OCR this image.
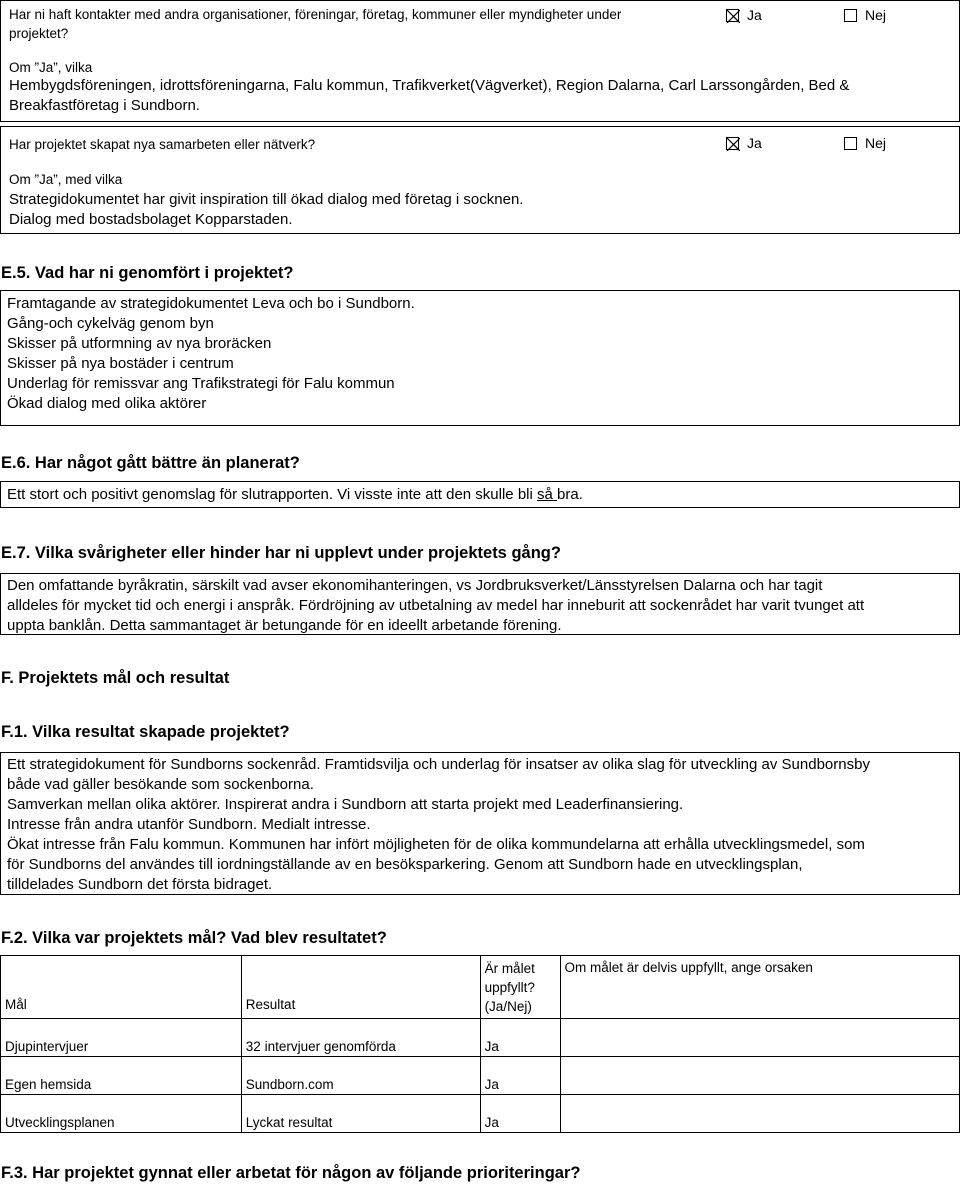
Har ni haft kontakter med andra organisationer, föreningar, företag, kommuner eller myndigheter under
projektet?
Ja	Nej
Om ”Ja”, vilka
Hembygdsföreningen, idrottsföreningarna, Falu kommun, Trafikverket(Vägverket), Region Dalarna, Carl Larssongården, Bed &
Breakfastföretag i Sundborn.
Har projektet skapat nya samarbeten eller nätverk?	Ja	Nej
Om ”Ja”, med vilka
Strategidokumentet har givit inspiration till ökad dialog med företag i socknen.
Dialog med bostadsbolaget Kopparstaden.
E.5. Vad har ni genomfört i projektet?
Framtagande av strategidokumentet Leva och bo i Sundborn.
Gång-och cykelväg genom byn
Skisser på utformning av nya broräcken
Skisser på nya bostäder i centrum
Underlag för remissvar ang Trafikstrategi för Falu kommun
Ökad dialog med olika aktörer
E.6. Har något gått bättre än planerat?
Ett stort och positivt genomslag för slutrapporten. Vi visste inte att den skulle bli så bra.
E.7. Vilka svårigheter eller hinder har ni upplevt under projektets gång?
Den omfattande byråkratin, särskilt vad avser ekonomihanteringen, vs Jordbruksverket/Länsstyrelsen Dalarna och har tagit
alldeles för mycket tid och energi i anspråk. Fördröjning av utbetalning av medel har inneburit att sockenrådet har varit tvunget att
uppta banklån. Detta sammantaget är betungande för en ideellt arbetande förening.
F. Projektets mål och resultat
F.1. Vilka resultat skapade projektet?
Ett strategidokument för Sundborns sockenråd. Framtidsvilja och underlag för insatser av olika slag för utveckling av Sundbornsby
både vad gäller besökande som sockenborna.
Samverkan mellan olika aktörer. Inspirerat andra i Sundborn att starta projekt med Leaderfinansiering.
Intresse från andra utanför Sundborn. Medialt intresse.
Ökat intresse från Falu kommun. Kommunen har infört möjligheten för de olika kommundelarna att erhålla utvecklingsmedel, som
för Sundborns del användes till iordningställande av en besöksparkering. Genom att Sundborn hade en utvecklingsplan,
tilldelades Sundborn det första bidraget.
F.2. Vilka var projektets mål? Vad blev resultatet?
Mål	Resultat	Är målet
uppfyllt?
(Ja/Nej)	Om målet är delvis uppfyllt, ange orsaken
Djupintervjuer	32 intervjuer genomförda	Ja	
Egen hemsida	Sundborn.com	Ja	
Utvecklingsplanen	Lyckat resultat	Ja	
F.3. Har projektet gynnat eller arbetat för någon av följande prioriteringar?
